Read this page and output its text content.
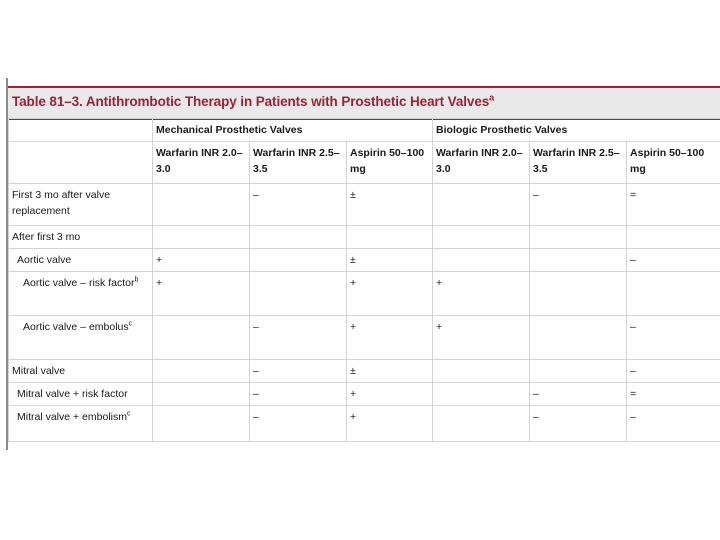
Table 81–3. Antithrombotic Therapy in Patients with Prosthetic Heart Valves$^a$
	Mechanical Prosthetic Valves			Biologic Prosthetic Valves		
	Warfarin INR 2.0–3.0	Warfarin INR 2.5–3.5	Aspirin 50–100 mg	Warfarin INR 2.0–3.0	Warfarin INR 2.5–3.5	Aspirin 50–100 mg
First 3 mo after valve replacement		–	±		–	=
After first 3 mo						
Aortic valve	+		±			–
Aortic valve – risk factor$^b$	+		+	+		
Aortic valve – embolus$^c$		–	+	+		–
Mitral valve		–	±			–
Mitral valve + risk factor		–	+		–	=
Mitral valve + embolism$^c$		–	+		–	–
